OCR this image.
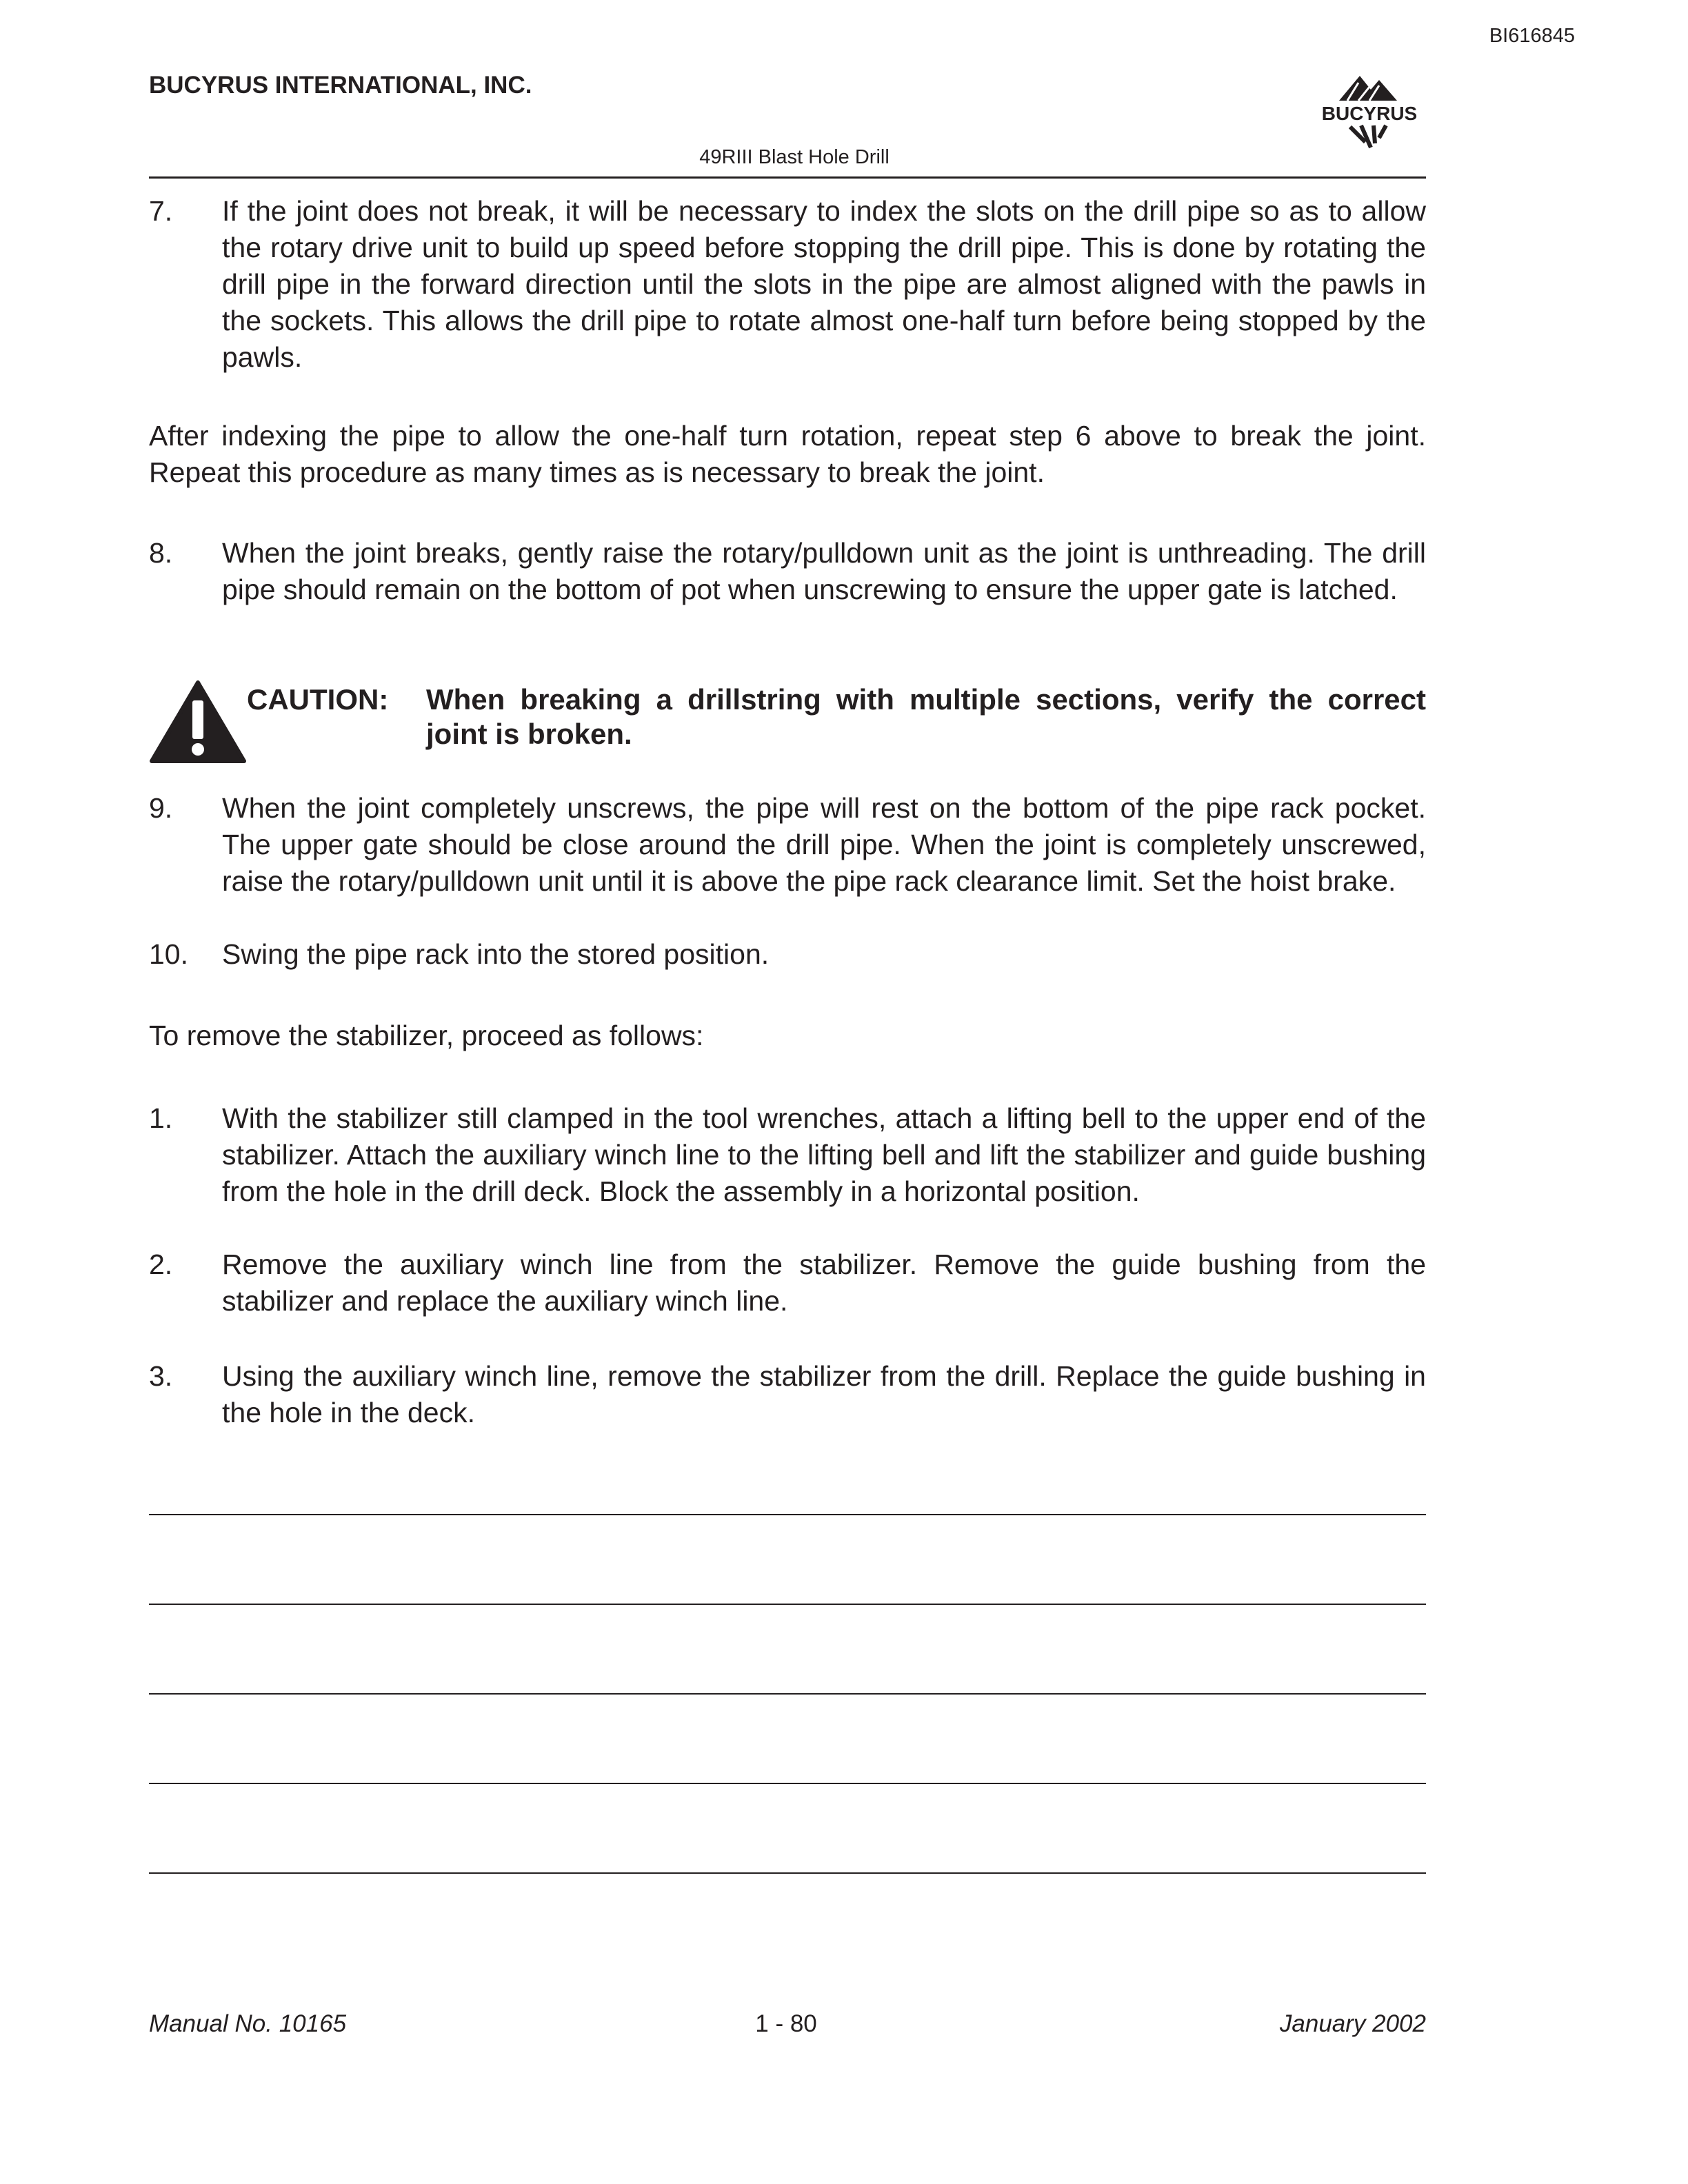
BI616845
BUCYRUS INTERNATIONAL, INC.
BUCYRUS
49RIII Blast Hole Drill
7. If the joint does not break, it will be necessary to index the slots on the drill pipe so as to allow the rotary drive unit to build up speed before stopping the drill pipe. This is done by rotating the drill pipe in the forward direction until the slots in the pipe are almost aligned with the pawls in the sockets. This allows the drill pipe to rotate almost one-half turn before being stopped by the pawls.
After indexing the pipe to allow the one-half turn rotation, repeat step 6 above to break the joint. Repeat this procedure as many times as is necessary to break the joint.
8. When the joint breaks, gently raise the rotary/pulldown unit as the joint is unthreading. The drill pipe should remain on the bottom of pot when unscrewing to ensure the upper gate is latched.
CAUTION: When breaking a drillstring with multiple sections, verify the correct joint is broken.
9. When the joint completely unscrews, the pipe will rest on the bottom of the pipe rack pocket. The upper gate should be close around the drill pipe. When the joint is completely unscrewed, raise the rotary/pulldown unit until it is above the pipe rack clearance limit. Set the hoist brake.
10. Swing the pipe rack into the stored position.
To remove the stabilizer, proceed as follows:
1. With the stabilizer still clamped in the tool wrenches, attach a lifting bell to the upper end of the stabilizer. Attach the auxiliary winch line to the lifting bell and lift the stabilizer and guide bushing from the hole in the drill deck. Block the assembly in a horizontal position.
2. Remove the auxiliary winch line from the stabilizer. Remove the guide bushing from the stabilizer and replace the auxiliary winch line.
3. Using the auxiliary winch line, remove the stabilizer from the drill. Replace the guide bushing in the hole in the deck.
Manual No. 10165	1 - 80	January 2002
